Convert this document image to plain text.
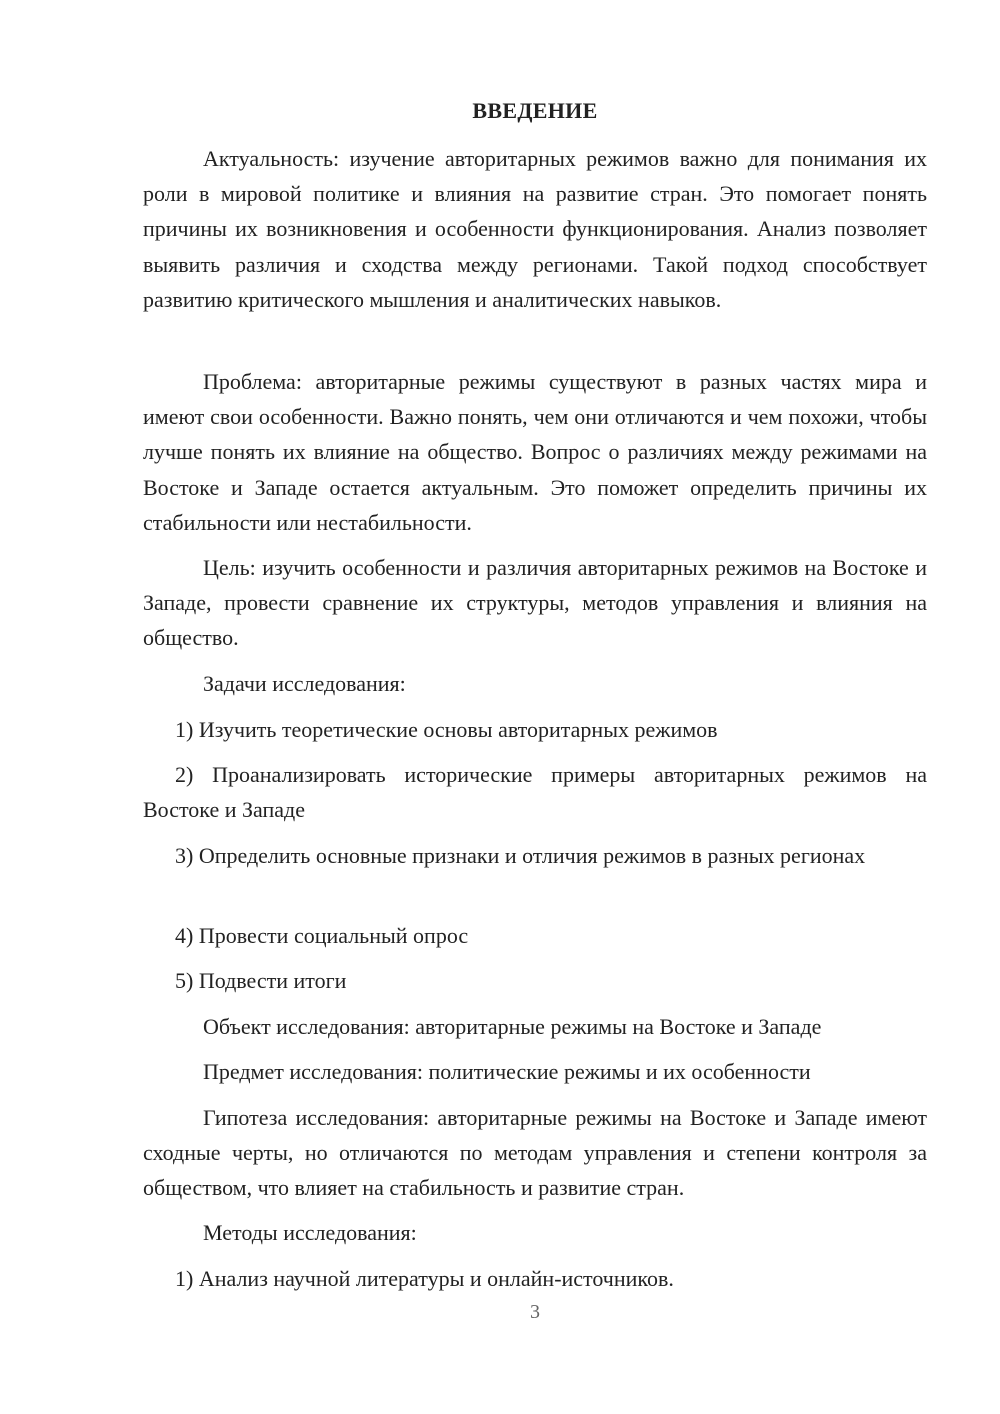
ВВЕДЕНИЕ

Актуальность: изучение авторитарных режимов важно для понимания их роли в мировой политике и влияния на развитие стран. Это помогает понять причины их возникновения и особенности функционирования. Анализ позволяет выявить различия и сходства между регионами. Такой подход способствует развитию критического мышления и аналитических навыков.

Проблема: авторитарные режимы существуют в разных частях мира и имеют свои особенности. Важно понять, чем они отличаются и чем похожи, чтобы лучше понять их влияние на общество. Вопрос о различиях между режимами на Востоке и Западе остается актуальным. Это поможет определить причины их стабильности или нестабильности.

Цель: изучить особенности и различия авторитарных режимов на Востоке и Западе, провести сравнение их структуры, методов управления и влияния на общество.

Задачи исследования:

1) Изучить теоретические основы авторитарных режимов

2) Проанализировать исторические примеры авторитарных режимов на Востоке и Западе

3) Определить основные признаки и отличия режимов в разных регионах

4) Провести социальный опрос

5) Подвести итоги

Объект исследования: авторитарные режимы на Востоке и Западе

Предмет исследования: политические режимы и их особенности

Гипотеза исследования: авторитарные режимы на Востоке и Западе имеют сходные черты, но отличаются по методам управления и степени контроля за обществом, что влияет на стабильность и развитие стран.

Методы исследования:

1) Анализ научной литературы и онлайн-источников.

3
